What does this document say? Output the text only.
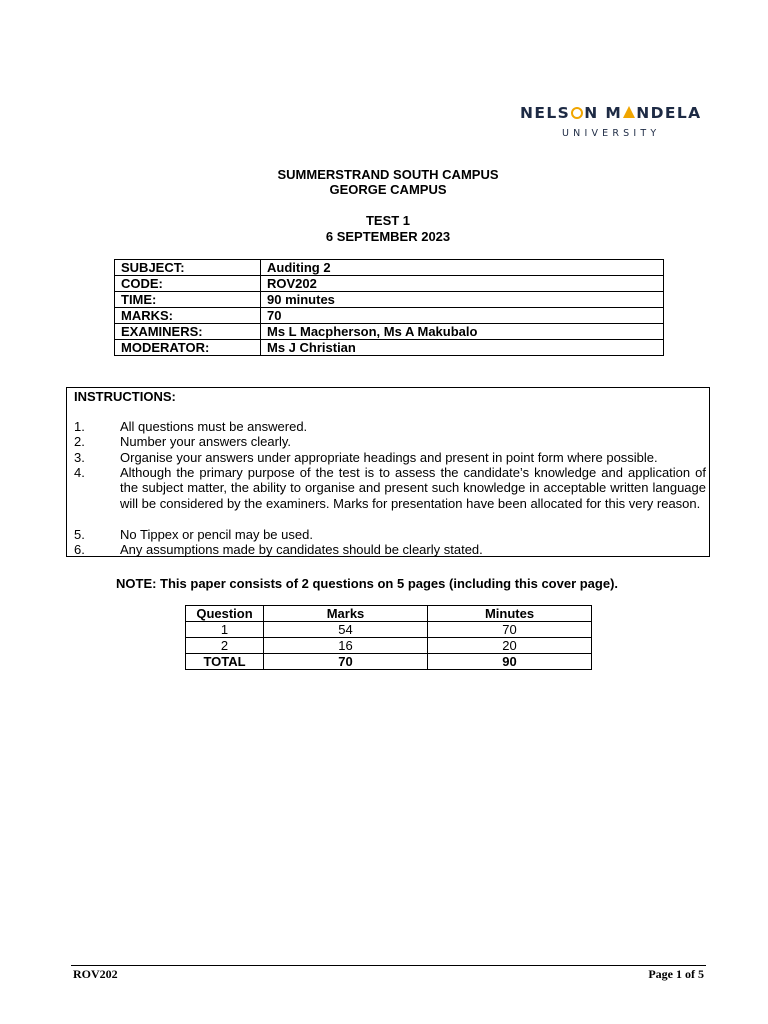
NELS N M NDELA
UNIVERSITY
SUMMERSTRAND SOUTH CAMPUS
GEORGE CAMPUS
TEST 1
6 SEPTEMBER 2023
SUBJECT:	Auditing 2
CODE:	ROV202
TIME:	90 minutes
MARKS:	70
EXAMINERS:	Ms L Macpherson, Ms A Makubalo
MODERATOR:	Ms J Christian
INSTRUCTIONS:
1.	All questions must be answered.
2.	Number your answers clearly.
3.	Organise your answers under appropriate headings and present in point form where possible.
4.	Although the primary purpose of the test is to assess the candidate’s knowledge and application of the subject matter, the ability to organise and present such knowledge in acceptable written language will be considered by the examiners. Marks for presentation have been allocated for this very reason.
5.	No Tippex or pencil may be used.
6.	Any assumptions made by candidates should be clearly stated.
NOTE: This paper consists of 2 questions on 5 pages (including this cover page).
Question	Marks	Minutes
1	54	70
2	16	20
TOTAL	70	90
ROV202	Page 1 of 5
